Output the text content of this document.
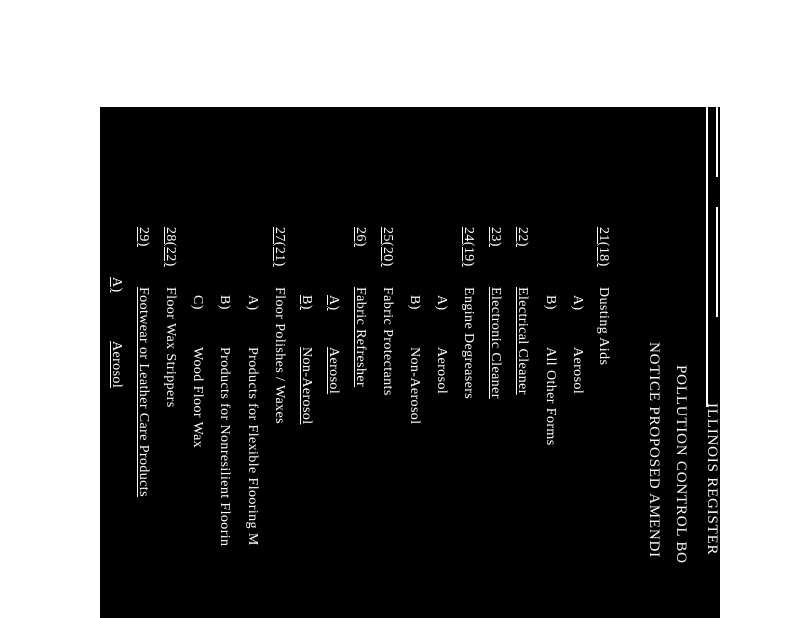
ILLINOIS REGISTER
POLLUTION CONTROL BO
NOTICE PROPOSED AMENDI
21(18)
Dusting Aids
A)
Aerosol
B)
All Other Forms
22)
Electrical Cleaner
23)
Electronic Cleaner
24(19)
Engine Degreasers
A)
Aerosol
B)
Non-Aerosol
25(20)
Fabric Protectants
26)
Fabric Refresher
A)
Aerosol
B)
Non-Aerosol
27(21)
Floor Polishes / Waxes
A)
Products for Flexible Flooring M
B)
Products for Nonresilient Floorin
C)
Wood Floor Wax
28(22)
Floor Wax Strippers
29)
Footwear or Leather Care Products
A)
Aerosol
